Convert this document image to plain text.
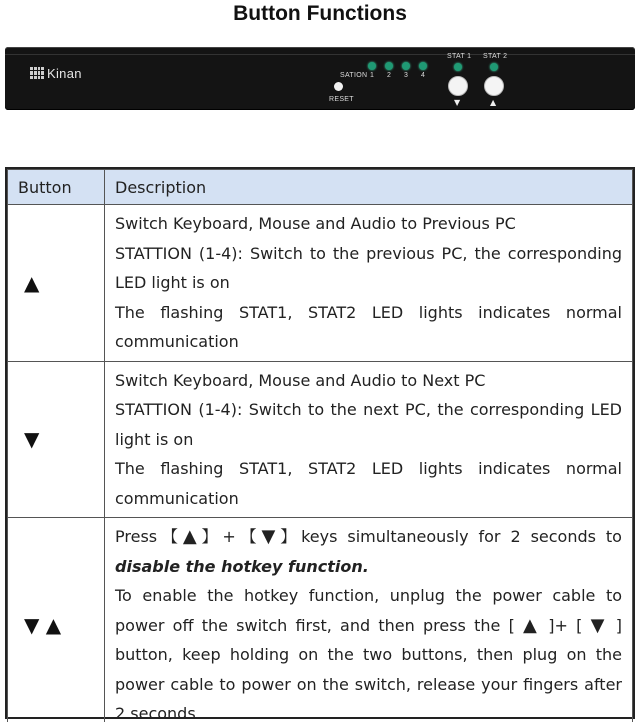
Button Functions
Kinan	SATION 1 2 3 4
RESET
STAT 1 STAT 2
▼	▲
Button	Description
▲	Switch Keyboard, Mouse and Audio to Previous PC
STATTION (1-4): Switch to the previous PC, the corresponding LED light is on
The flashing STAT1, STAT2 LED lights indicates normal communication

▼	Switch Keyboard, Mouse and Audio to Next PC
STATTION (1-4): Switch to the next PC, the corresponding LED light is on
The flashing STAT1, STAT2 LED lights indicates normal communication

▼ ▲	Press【▲】+【▼】keys simultaneously for 2 seconds to disable the hotkey function.
To enable the hotkey function, unplug the power cable to power off the switch first, and then press the [ ▲ ]+ [ ▼ ] button, keep holding on the two buttons, then plug on the power cable to power on the switch, release your fingers after 2 seconds.
